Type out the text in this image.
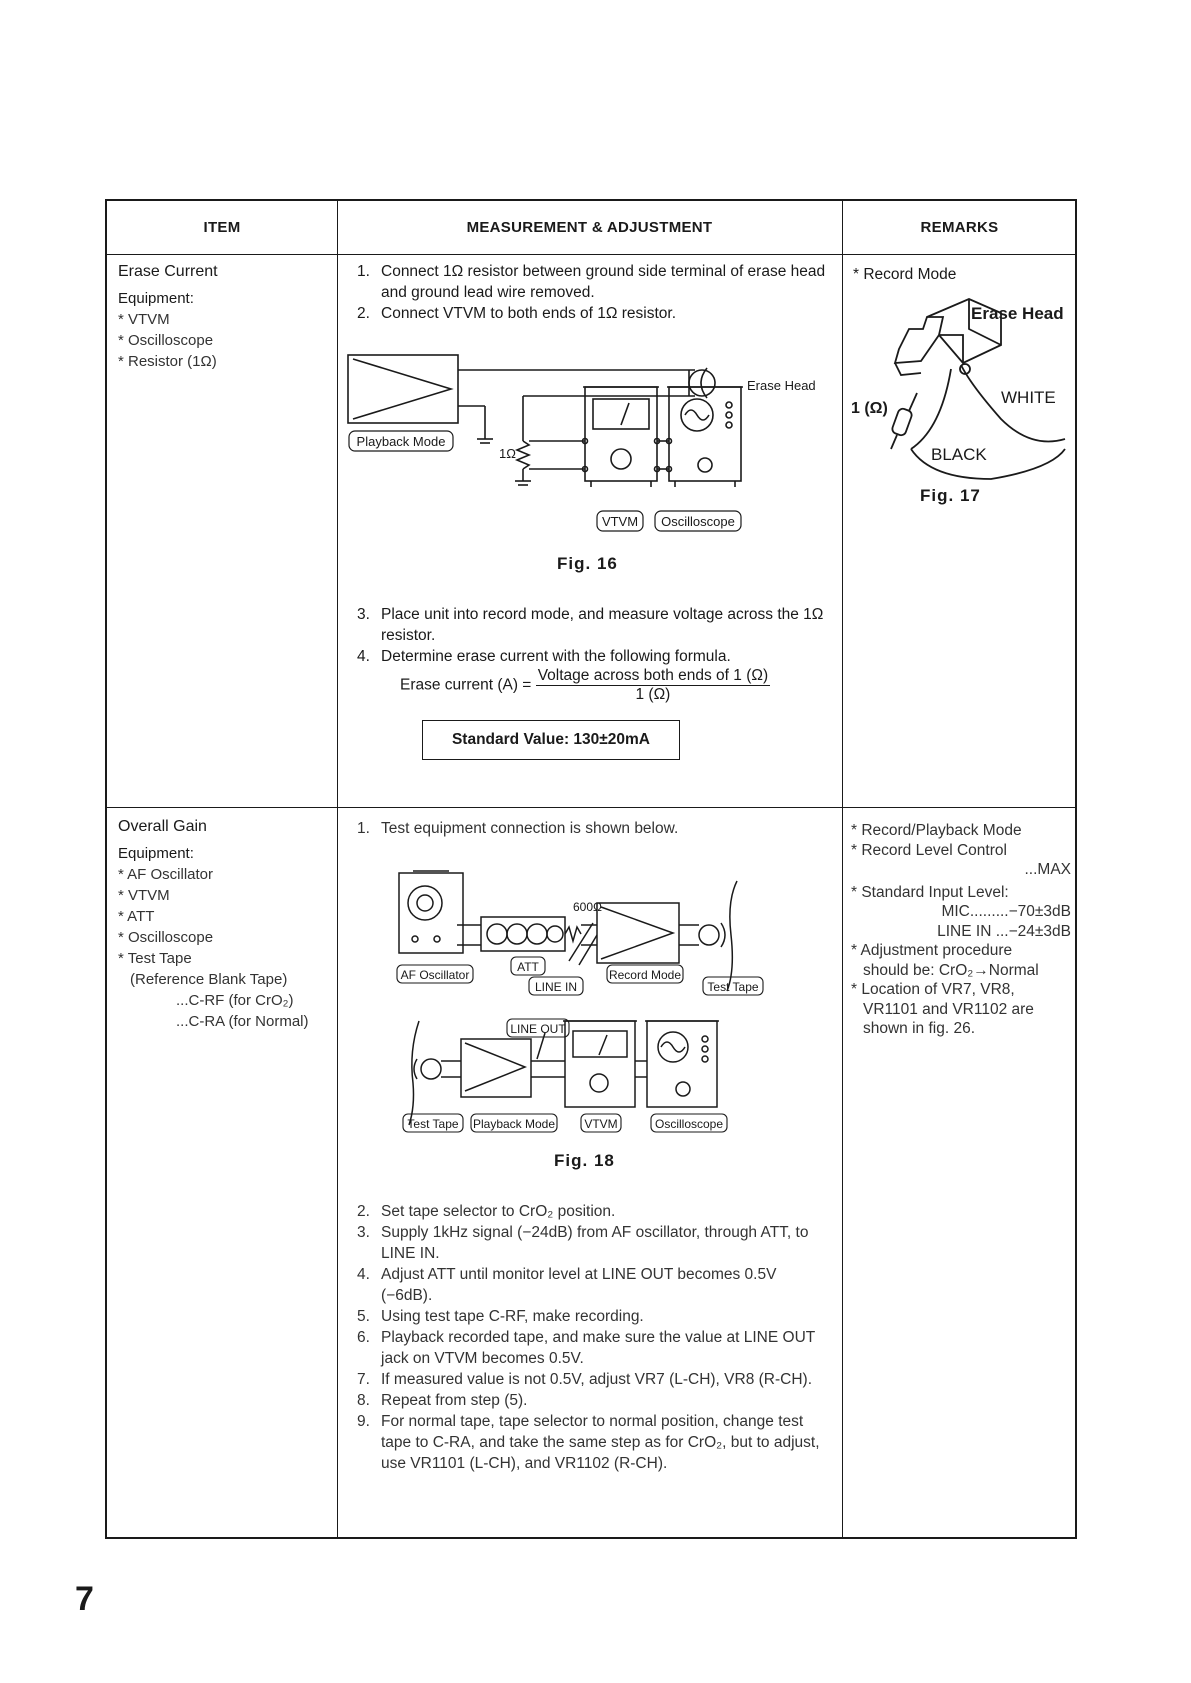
ITEM	MEASUREMENT & ADJUSTMENT	REMARKS
Erase Current
Equipment:
* VTVM
* Oscilloscope
* Resistor (1Ω)
1. Connect 1Ω resistor between ground side terminal of erase head and ground lead wire removed.
2. Connect VTVM to both ends of 1Ω resistor.
Erase Head
Playback Mode
1Ω
VTVM Oscilloscope
Fig. 16
3. Place unit into record mode, and measure voltage across the 1Ω resistor.
4. Determine erase current with the following formula.
Erase current $(A) = \frac{\text{Voltage across both ends of 1 (Ω)}}{1 (\Omega)}$
Standard Value: 130±20mA
* Record Mode
Erase Head
WHITE
BLACK
1 (Ω)
Fig. 17
Overall Gain
Equipment:
* AF Oscillator
* VTVM
* ATT
* Oscilloscope
* Test Tape
(Reference Blank Tape)
...C-RF (for CrO₂)
...C-RA (for Normal)
1. Test equipment connection is shown below.
600Ω
AF Oscillator
ATT
LINE IN
Record Mode
Test Tape
LINE OUT
Test Tape Playback Mode VTVM	Oscilloscope
Fig. 18
2. Set tape selector to CrO₂ position.
3. Supply 1kHz signal (−24dB) from AF oscillator, through ATT, to LINE IN.
4. Adjust ATT until monitor level at LINE OUT becomes 0.5V (−6dB).
5. Using test tape C-RF, make recording.
6. Playback recorded tape, and make sure the value at LINE OUT jack on VTVM becomes 0.5V.
7. If measured value is not 0.5V, adjust VR7 (L-CH), VR8 (R-CH).
8. Repeat from step (5).
9. For normal tape, tape selector to normal position, change test tape to C-RA, and take the same step as for CrO₂, but to adjust, use VR1101 (L-CH), and VR1102 (R-CH).
* Record/Playback Mode
* Record Level Control
...MAX
* Standard Input Level:
MIC.........−70±3dB
LINE IN ...−24±3dB
* Adjustment procedure
should be: CrO₂→Normal
* Location of VR7, VR8,
VR1101 and VR1102 are
shown in fig. 26.
7
